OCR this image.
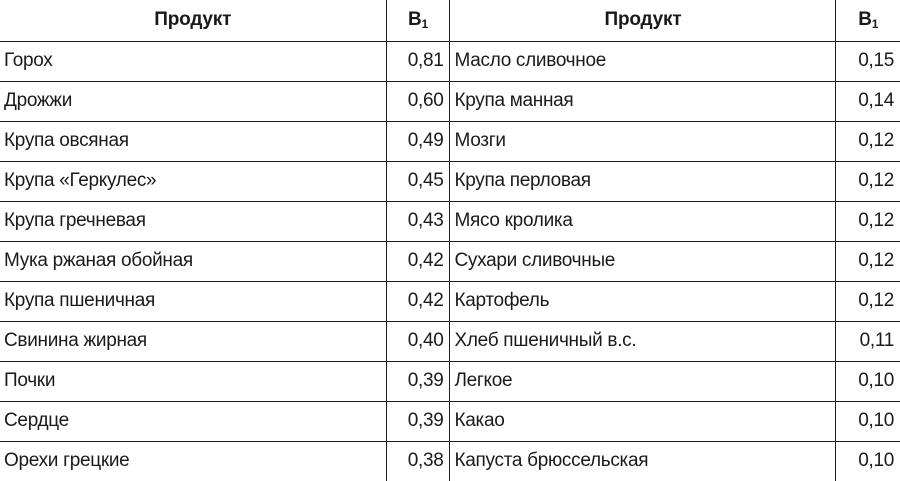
Продукт	$B_1$	Продукт	$B_1$
Горох	0,81	Масло сливочное	0,15
Дрожжи	0,60	Крупа манная	0,14
Крупа овсяная	0,49	Мозги	0,12
Крупа «Геркулес»	0,45	Крупа перловая	0,12
Крупа гречневая	0,43	Мясо кролика	0,12
Мука ржаная обойная	0,42	Сухари сливочные	0,12
Крупа пшеничная	0,42	Картофель	0,12
Свинина жирная	0,40	Хлеб пшеничный в.с.	0,11
Почки	0,39	Легкое	0,10
Сердце	0,39	Какао	0,10
Орехи грецкие	0,38	Капуста брюссельская	0,10
